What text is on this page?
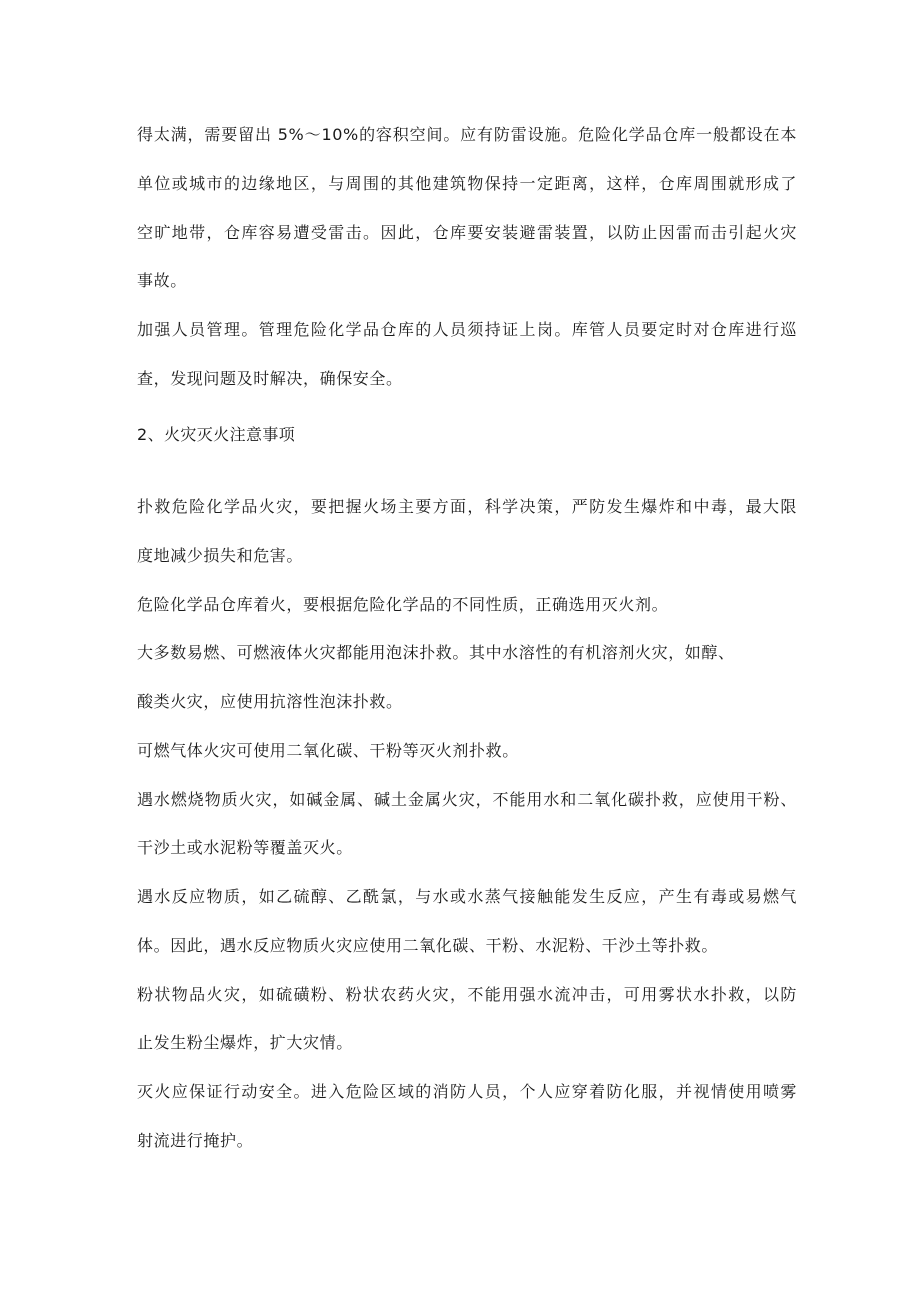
得太满，需要留出 5%～10%的容积空间。应有防雷设施。危险化学品仓库一般都设在本
单位或城市的边缘地区，与周围的其他建筑物保持一定距离，这样，仓库周围就形成了
空旷地带，仓库容易遭受雷击。因此，仓库要安装避雷装置，以防止因雷而击引起火灾
事故。
加强人员管理。管理危险化学品仓库的人员须持证上岗。库管人员要定时对仓库进行巡
查，发现问题及时解决，确保安全。
2、火灾灭火注意事项
扑救危险化学品火灾，要把握火场主要方面，科学决策，严防发生爆炸和中毒，最大限
度地减少损失和危害。
危险化学品仓库着火，要根据危险化学品的不同性质，正确选用灭火剂。
大多数易燃、可燃液体火灾都能用泡沫扑救。其中水溶性的有机溶剂火灾，如醇、
酸类火灾，应使用抗溶性泡沫扑救。
可燃气体火灾可使用二氧化碳、干粉等灭火剂扑救。
遇水燃烧物质火灾，如碱金属、碱土金属火灾，不能用水和二氧化碳扑救，应使用干粉、
干沙土或水泥粉等覆盖灭火。
遇水反应物质，如乙硫醇、乙酰氯，与水或水蒸气接触能发生反应，产生有毒或易燃气
体。因此，遇水反应物质火灾应使用二氧化碳、干粉、水泥粉、干沙土等扑救。
粉状物品火灾，如硫磺粉、粉状农药火灾，不能用强水流冲击，可用雾状水扑救，以防
止发生粉尘爆炸，扩大灾情。
灭火应保证行动安全。进入危险区域的消防人员，个人应穿着防化服，并视情使用喷雾
射流进行掩护。
